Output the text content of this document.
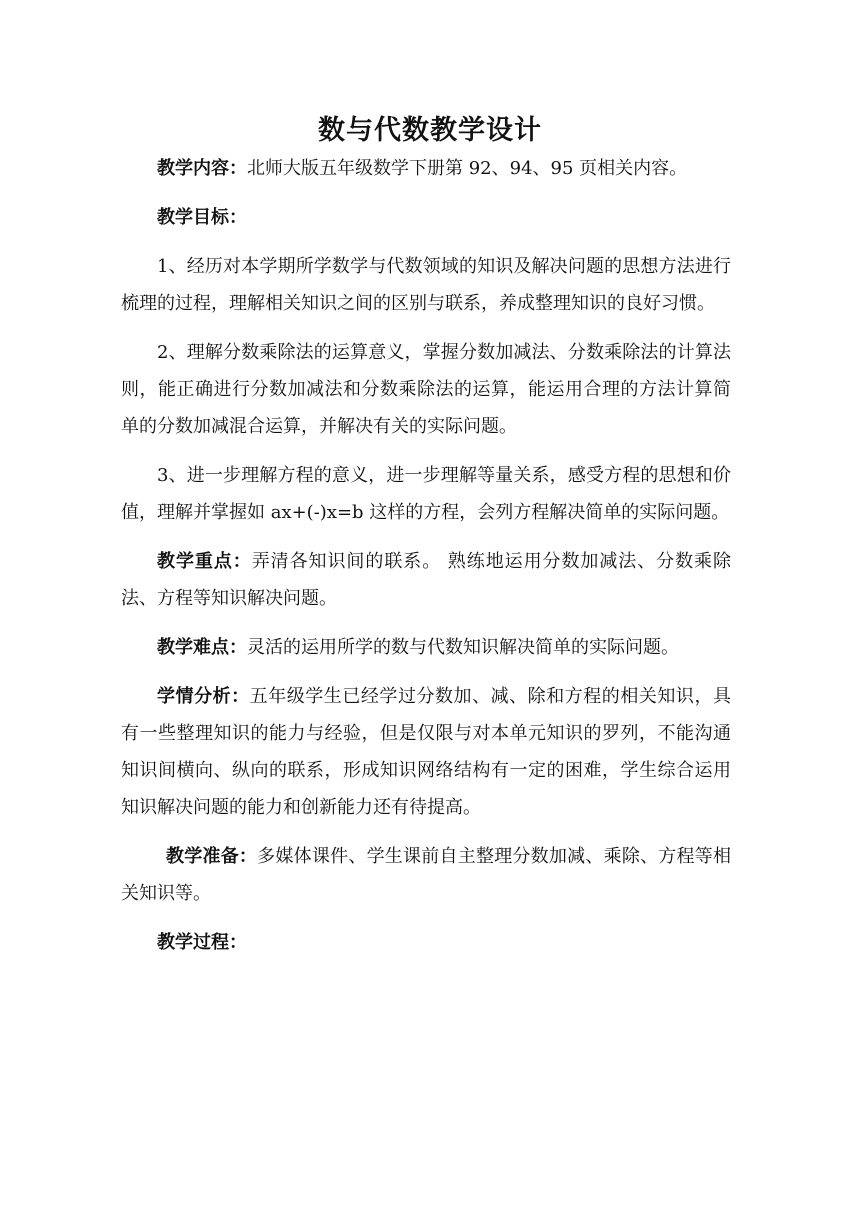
数与代数教学设计

教学内容：北师大版五年级数学下册第 92、94、95 页相关内容。

教学目标：

1、经历对本学期所学数学与代数领域的知识及解决问题的思想方法进行梳理的过程，理解相关知识之间的区别与联系，养成整理知识的良好习惯。

2、理解分数乘除法的运算意义，掌握分数加减法、分数乘除法的计算法则，能正确进行分数加减法和分数乘除法的运算，能运用合理的方法计算简单的分数加减混合运算，并解决有关的实际问题。

3、进一步理解方程的意义，进一步理解等量关系，感受方程的思想和价值，理解并掌握如 ax+(-)x=b 这样的方程，会列方程解决简单的实际问题。

教学重点：弄清各知识间的联系。 熟练地运用分数加减法、分数乘除法、方程等知识解决问题。

教学难点：灵活的运用所学的数与代数知识解决简单的实际问题。

学情分析：五年级学生已经学过分数加、减、除和方程的相关知识，具有一些整理知识的能力与经验，但是仅限与对本单元知识的罗列，不能沟通知识间横向、纵向的联系，形成知识网络结构有一定的困难，学生综合运用知识解决问题的能力和创新能力还有待提高。

教学准备：多媒体课件、学生课前自主整理分数加减、乘除、方程等相关知识等。

教学过程：
